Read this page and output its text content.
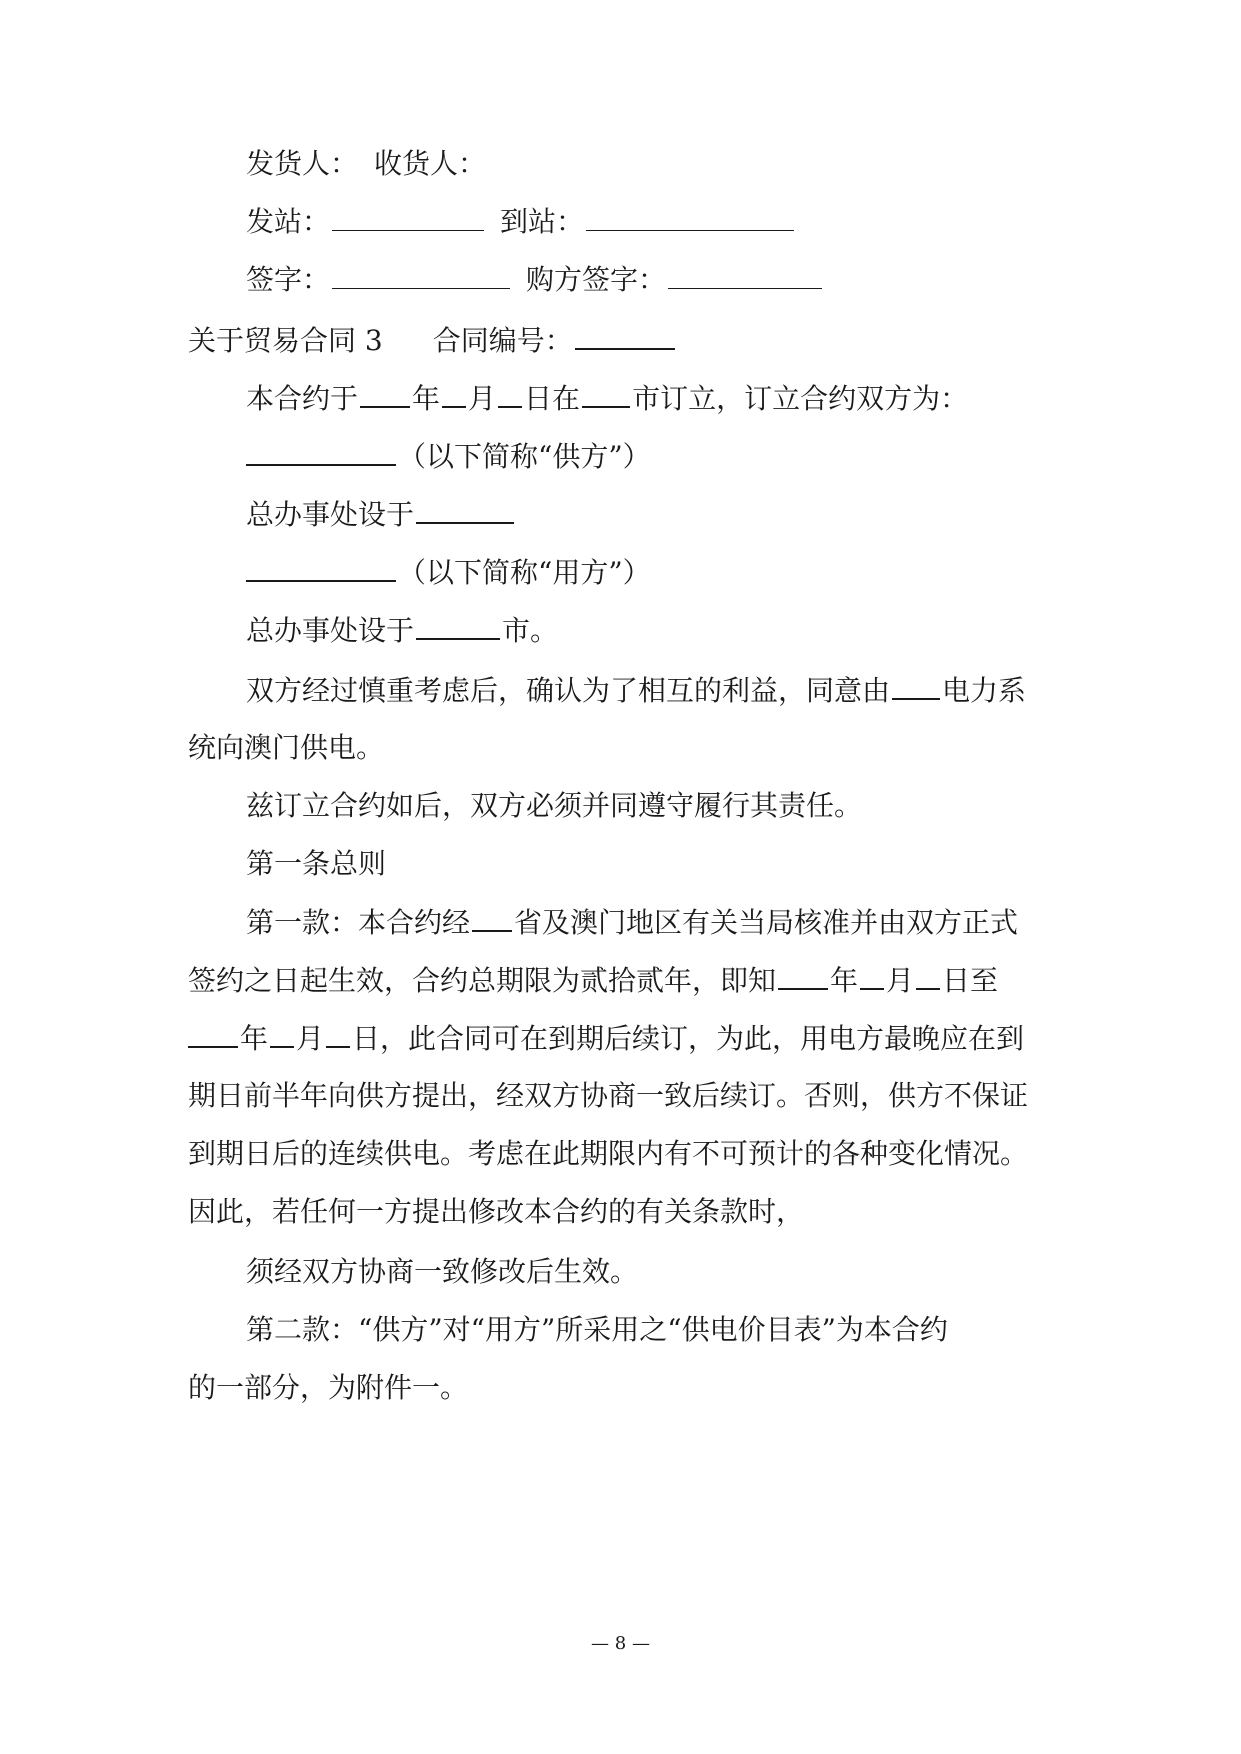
发货人： 收货人：
发站：	到站：
签字：	购方签字：
关于贸易合同 3 合同编号：
本合约于 年 月 日在 市订立，订立合约双方为：
（以下简称“供方”）
总办事处设于
（以下简称“用方”）
总办事处设于	市。
双方经过慎重考虑后，确认为了相互的利益，同意由 电力系
统向澳门供电。
兹订立合约如后，双方必须并同遵守履行其责任。
第一条总则
第一款：本合约经 省及澳门地区有关当局核准并由双方正式
签约之日起生效，合约总期限为贰拾贰年，即知 年 月 日至
年 月 日，此合同可在到期后续订，为此，用电方最晚应在到
期日前半年向供方提出，经双方协商一致后续订。否则，供方不保证
到期日后的连续供电。考虑在此期限内有不可预计的各种变化情况。
因此，若任何一方提出修改本合约的有关条款时，
须经双方协商一致修改后生效。
第二款：“供方”对“用方”所采用之“供电价目表”为本合约
的一部分，为附件一。
— 8 —
